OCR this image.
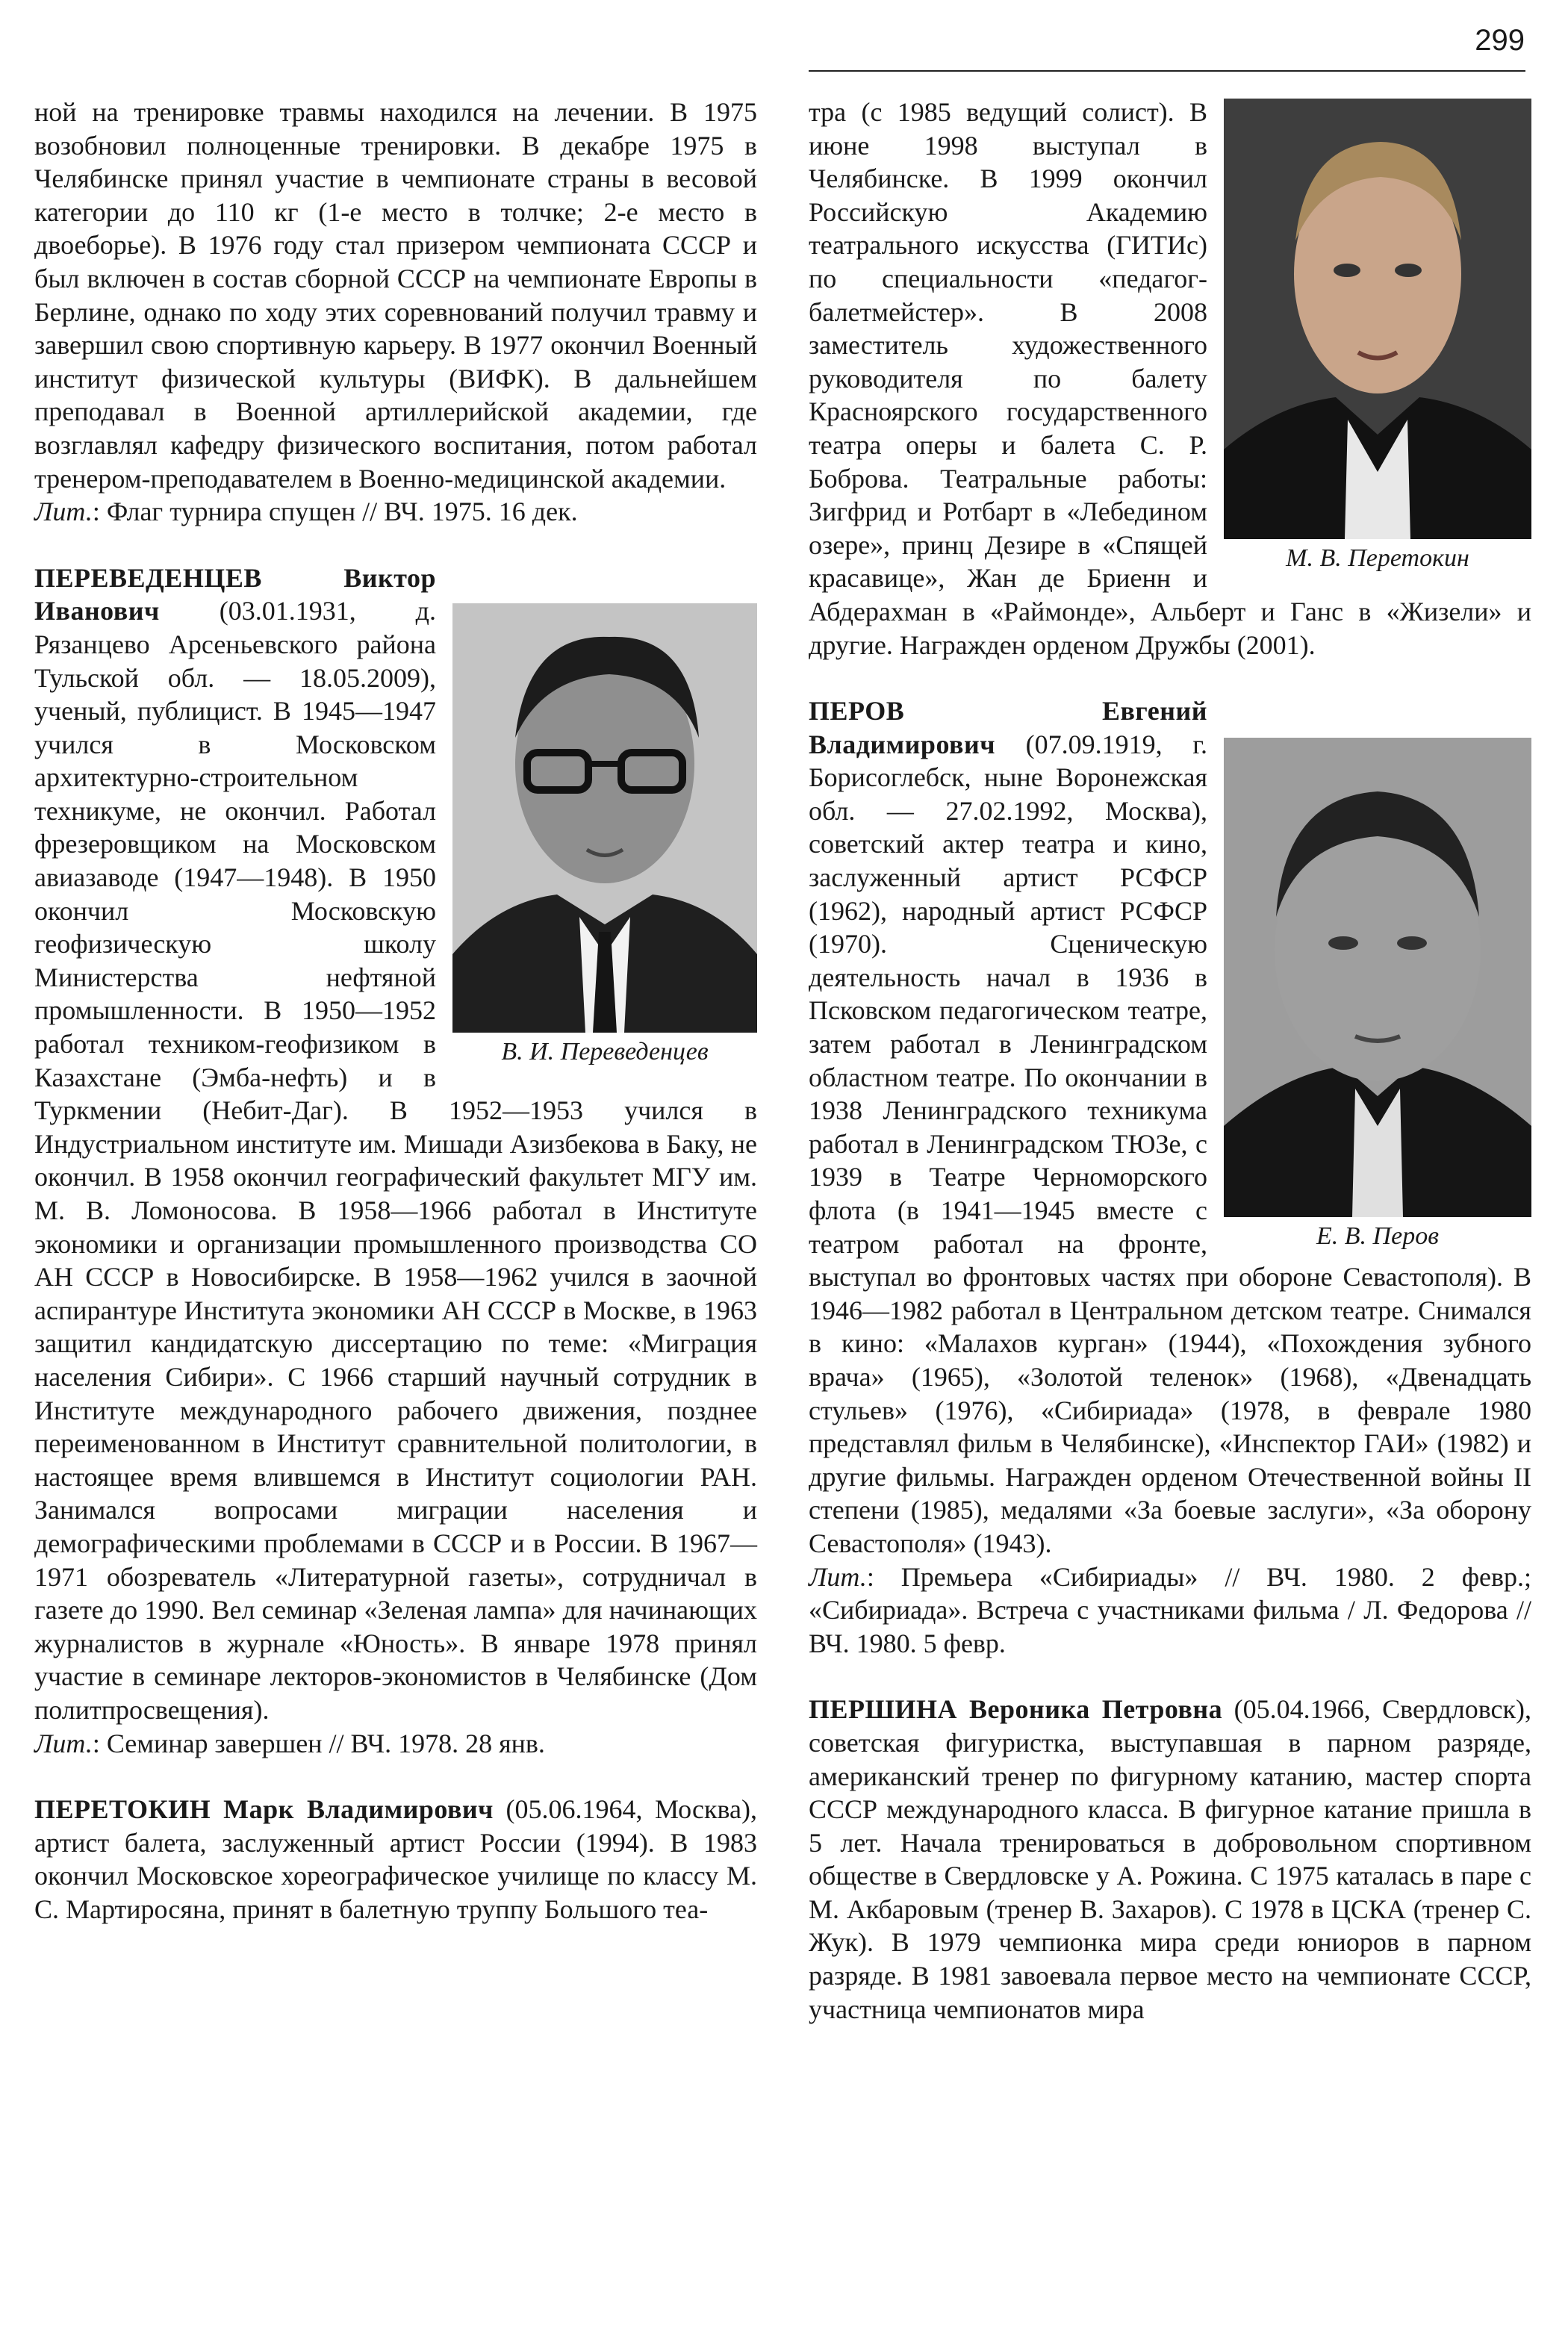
299

ной на тренировке травмы находился на лечении. В 1975 возобновил полноценные тренировки. В декабре 1975 в Челябинске принял участие в чемпионате страны в весовой категории до 110 кг (1-е место в толчке; 2-е место в двоеборье). В 1976 году стал призером чемпионата СССР и был включен в состав сборной СССР на чемпионате Европы в Берлине, однако по ходу этих соревнований получил травму и завершил свою спортивную карьеру. В 1977 окончил Военный институт физической культуры (ВИФК). В дальнейшем преподавал в Военной артиллерийской академии, где возглавлял кафедру физического воспитания, потом работал тренером-преподавателем в Военно-медицинской академии.

Лит.: Флаг турнира спущен // ВЧ. 1975. 16 дек.

В. И. Переведенцев
ПЕРЕВЕДЕНЦЕВ Виктор Иванович (03.01.1931, д. Рязанцево Арсеньевского района Тульской обл. — 18.05.2009), ученый, публицист. В 1945—1947 учился в Московском архитектурно-строительном техникуме, не окончил. Работал фрезеровщиком на Московском авиазаводе (1947—1948). В 1950 окончил Московскую геофизическую школу Министерства нефтяной промышленности. В 1950—1952 работал техником-геофизиком в Казахстане (Эмба-нефть) и в Туркмении (Небит-Даг). В 1952—1953 учился в Индустриальном институте им. Мишади Азизбекова в Баку, не окончил. В 1958 окончил географический факультет МГУ им. М. В. Ломоносова. В 1958—1966 работал в Институте экономики и организации промышленного производства СО АН СССР в Новосибирске. В 1958—1962 учился в заочной аспирантуре Института экономики АН СССР в Москве, в 1963 защитил кандидатскую диссертацию по теме: «Миграция населения Сибири». С 1966 старший научный сотрудник в Институте международного рабочего движения, позднее переименованном в Институт сравнительной политологии, в настоящее время влившемся в Институт социологии РАН. Занимался вопросами миграции населения и демографическими проблемами в СССР и в России. В 1967—1971 обозреватель «Литературной газеты», сотрудничал в газете до 1990. Вел семинар «Зеленая лампа» для начинающих журналистов в журнале «Юность». В январе 1978 принял участие в семинаре лекторов-экономистов в Челябинске (Дом политпросвещения).

Лит.: Семинар завершен // ВЧ. 1978. 28 янв.

ПЕРЕТОКИН Марк Владимирович (05.06.1964, Москва), артист балета, заслуженный артист России (1994). В 1983 окончил Московское хореографическое училище по классу М. С. Мартиросяна, принят в балетную труппу Большого теа-

М. В. Перетокин
тра (с 1985 ведущий солист). В июне 1998 выступал в Челябинске. В 1999 окончил Российскую Академию театрального искусства (ГИТИс) по специальности «педагог-балетмейстер». В 2008 заместитель художественного руководителя по балету Красноярского государственного театра оперы и балета С. Р. Боброва. Театральные работы: Зигфрид и Ротбарт в «Лебедином озере», принц Дезире в «Спящей красавице», Жан де Бриенн и Абдерахман в «Раймонде», Альберт и Ганс в «Жизели» и другие. Награжден орденом Дружбы (2001).

Е. В. Перов
ПЕРОВ Евгений Владимирович (07.09.1919, г. Борисоглебск, ныне Воронежская обл. — 27.02.1992, Москва), советский актер театра и кино, заслуженный артист РСФСР (1962), народный артист РСФСР (1970). Сценическую деятельность начал в 1936 в Псковском педагогическом театре, затем работал в Ленинградском областном театре. По окончании в 1938 Ленинградского техникума работал в Ленинградском ТЮЗе, с 1939 в Театре Черноморского флота (в 1941—1945 вместе с театром работал на фронте, выступал во фронтовых частях при обороне Севастополя). В 1946—1982 работал в Центральном детском театре. Снимался в кино: «Малахов курган» (1944), «Похождения зубного врача» (1965), «Золотой теленок» (1968), «Двенадцать стульев» (1976), «Сибириада» (1978, в феврале 1980 представлял фильм в Челябинске), «Инспектор ГАИ» (1982) и другие фильмы. Награжден орденом Отечественной войны II степени (1985), медалями «За боевые заслуги», «За оборону Севастополя» (1943).

Лит.: Премьера «Сибириады» // ВЧ. 1980. 2 февр.; «Сибириада». Встреча с участниками фильма / Л. Федорова // ВЧ. 1980. 5 февр.

ПЕРШИНА Вероника Петровна (05.04.1966, Свердловск), советская фигуристка, выступавшая в парном разряде, американский тренер по фигурному катанию, мастер спорта СССР международного класса. В фигурное катание пришла в 5 лет. Начала тренироваться в добровольном спортивном обществе в Свердловске у А. Рожина. С 1975 каталась в паре с М. Акбаровым (тренер В. Захаров). С 1978 в ЦСКА (тренер С. Жук). В 1979 чемпионка мира среди юниоров в парном разряде. В 1981 завоевала первое место на чемпионате СССР, участница чемпионатов мира
